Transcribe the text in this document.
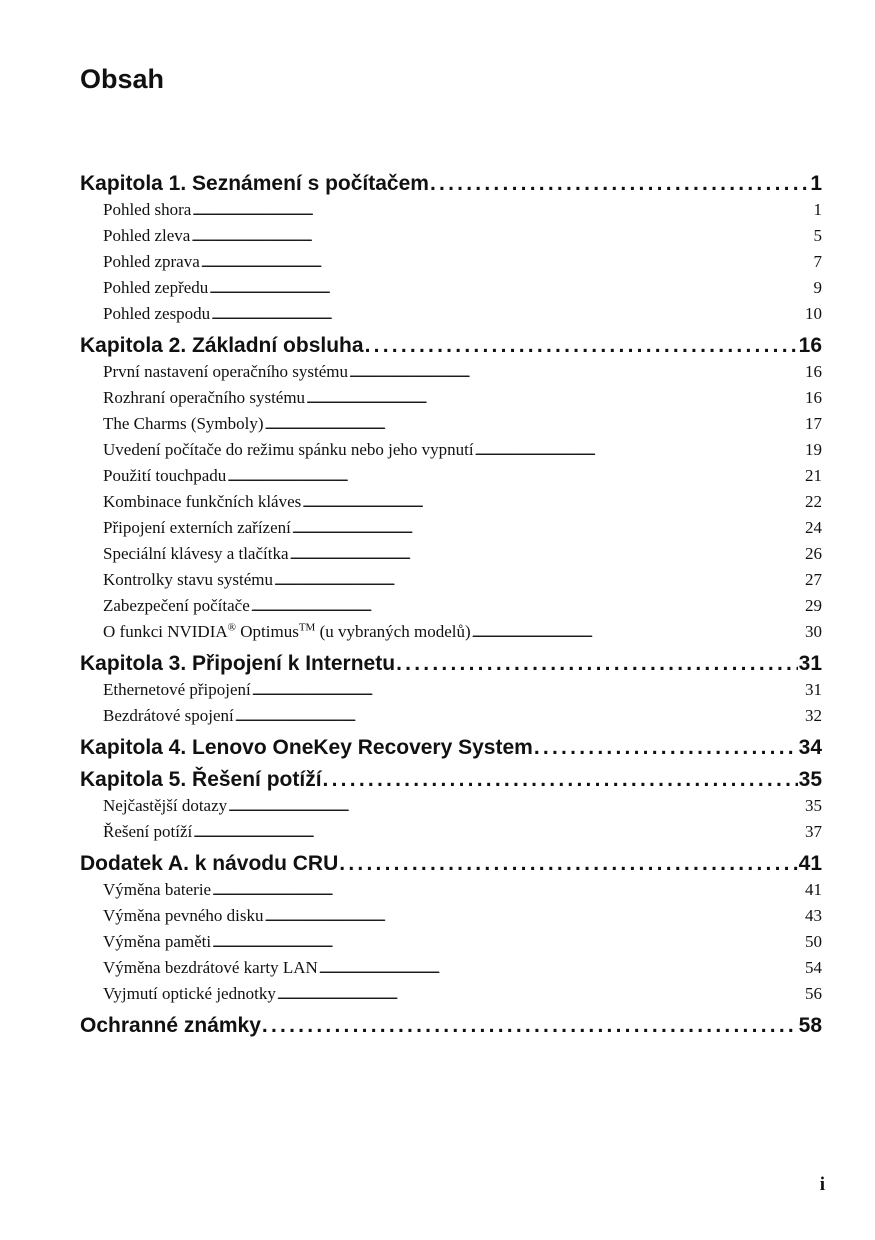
Obsah
Kapitola 1. Seznámení s počítačem . . .	1
Pohled shora . . .	1
Pohled zleva . . .	5
Pohled zprava . . .	7
Pohled zepředu . . .	9
Pohled zespodu . . .	10
Kapitola 2. Základní obsluha . . .	16
První nastavení operačního systému . . .	16
Rozhraní operačního systému . . .	16
The Charms (Symboly) . . .	17
Uvedení počítače do režimu spánku nebo jeho vypnutí . . .	19
Použití touchpadu . . .	21
Kombinace funkčních kláves . . .	22
Připojení externích zařízení . . .	24
Speciální klávesy a tlačítka . . .	26
Kontrolky stavu systému . . .	27
Zabezpečení počítače . . .	29
O funkci NVIDIA® Optimus™ (u vybraných modelů) . . .	30
Kapitola 3. Připojení k Internetu . . .	31
Ethernetové připojení . . .	31
Bezdrátové spojení . . .	32
Kapitola 4. Lenovo OneKey Recovery System . . .	34
Kapitola 5. Řešení potíží . . .	35
Nejčastější dotazy . . .	35
Řešení potíží . . .	37
Dodatek A. k návodu CRU . . .	41
Výměna baterie . . .	41
Výměna pevného disku . . .	43
Výměna paměti . . .	50
Výměna bezdrátové karty LAN . . .	54
Vyjmutí optické jednotky . . .	56
Ochranné známky . . .	58
i
